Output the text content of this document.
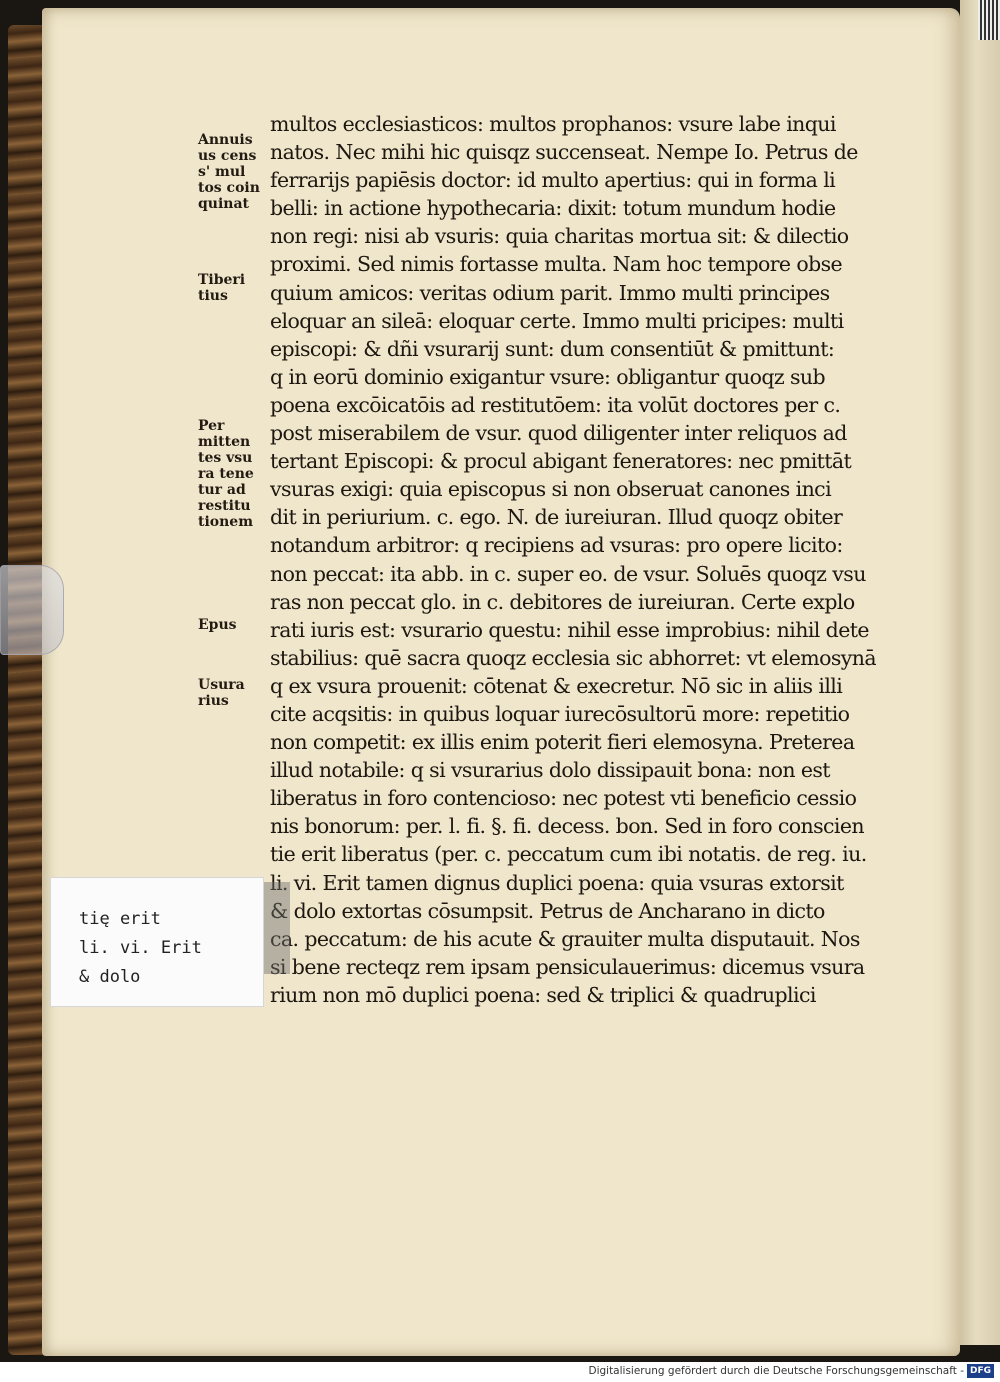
Annuis us cens s' mul tos coin quinat
Tiberi tius
Per mitten tes vsu ra tene tur ad restitu tionem
Epus
Usura rius
multos ecclesiasticos: multos prophanos: vsure labe inqui
natos. Nec mihi hic quisqz succenseat. Nempe Io. Petrus de
ferrarijs papiēsis doctor: id multo apertius: qui in forma li
belli: in actione hypothecaria: dixit: totum mundum hodie
non regi: nisi ab vsuris: quia charitas mortua sit: & dilectio
proximi. Sed nimis fortasse multa. Nam hoc tempore obse
quium amicos: veritas odium parit. Immo multi principes
eloquar an sileā: eloquar certe. Immo multi pricipes: multi
episcopi: & dñi vsurarij sunt: dum consentiūt & pmittunt:
q in eorū dominio exigantur vsure: obligantur quoqz sub
poena excōicatōis ad restitutōem: ita volūt doctores per c.
post miserabilem de vsur. quod diligenter inter reliquos ad
tertant Episcopi: & procul abigant feneratores: nec pmittāt
vsuras exigi: quia episcopus si non obseruat canones inci
dit in periurium. c. ego. N. de iureiuran. Illud quoqz obiter
notandum arbitror: q recipiens ad vsuras: pro opere licito:
non peccat: ita abb. in c. super eo. de vsur. Soluēs quoqz vsu
ras non peccat glo. in c. debitores de iureiuran. Certe explo
rati iuris est: vsurario questu: nihil esse improbius: nihil dete
stabilius: quē sacra quoqz ecclesia sic abhorret: vt elemosynā
q ex vsura prouenit: cōtenat & execretur. Nō sic in aliis illi
cite acqsitis: in quibus loquar iurecōsultorū more: repetitio
non competit: ex illis enim poterit fieri elemosyna. Preterea
illud notabile: q si vsurarius dolo dissipauit bona: non est
liberatus in foro contencioso: nec potest vti beneficio cessio
nis bonorum: per. l. fi. §. fi. decess. bon. Sed in foro conscien
tie erit liberatus (per. c. peccatum cum ibi notatis. de reg. iu.
li. vi. Erit tamen dignus duplici poena: quia vsuras extorsit
& dolo extortas cōsumpsit. Petrus de Ancharano in dicto
ca. peccatum: de his acute & grauiter multa disputauit. Nos
si bene recteqz rem ipsam pensiculauerimus: dicemus vsura
rium non mō duplici poena: sed & triplici & quadruplici
tię erit
li. vi. Erit
& dolo
Digitalisierung gefördert durch die Deutsche Forschungsgemeinschaft - DFG
